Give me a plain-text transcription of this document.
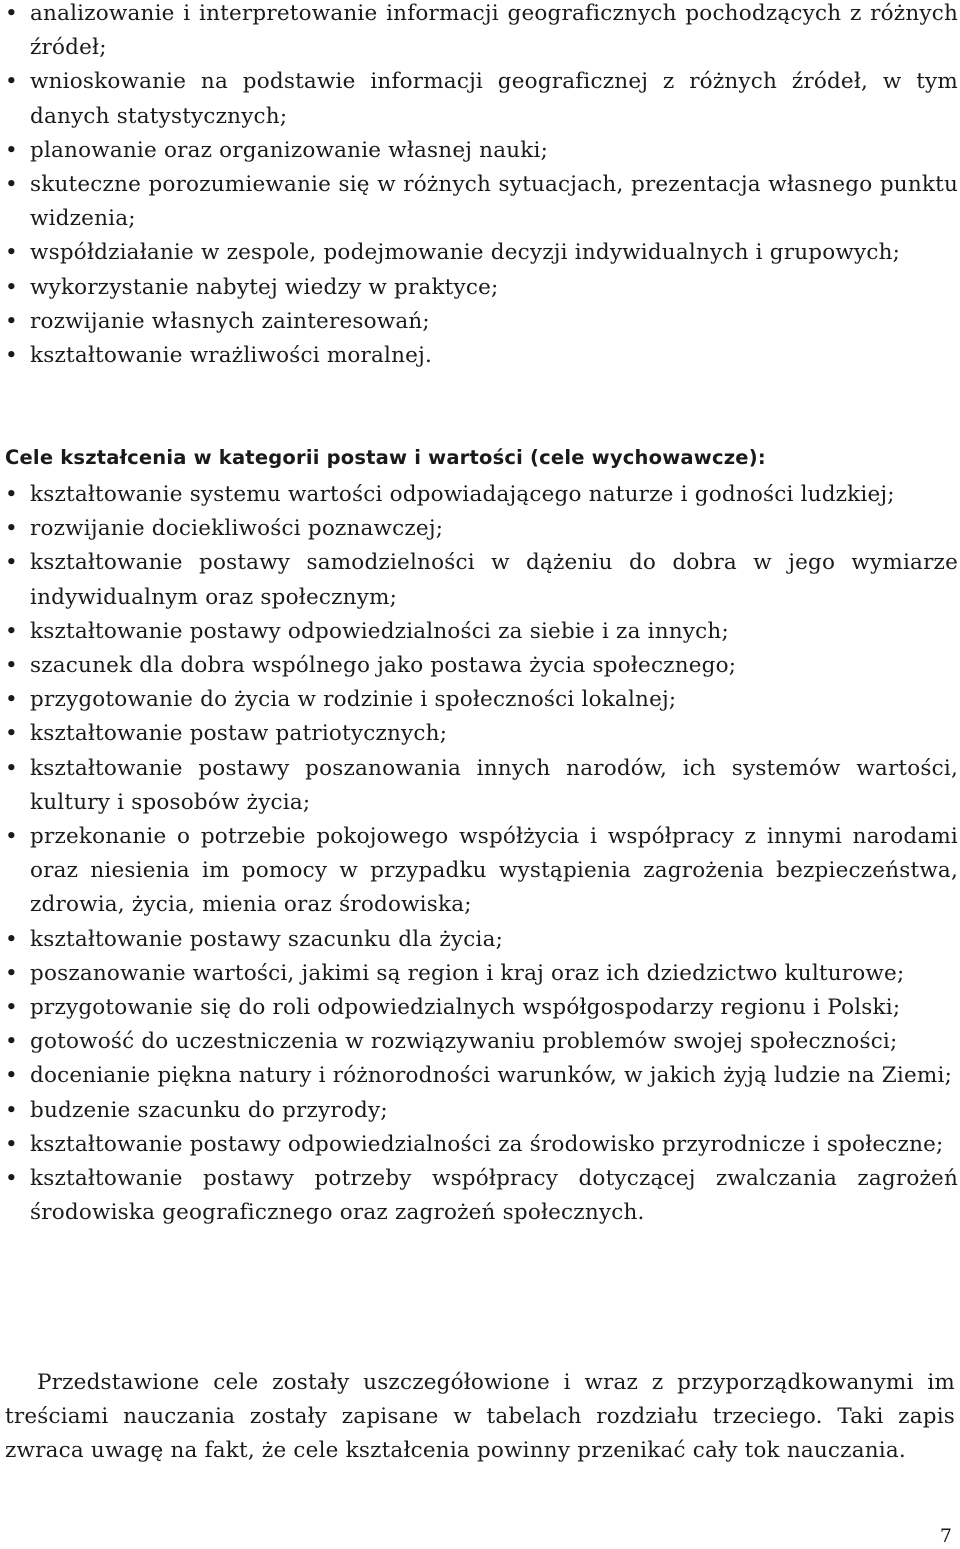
• analizowanie i interpretowanie informacji geograficznych pochodzących z różnych źródeł;
• wnioskowanie na podstawie informacji geograficznej z różnych źródeł, w tym danych statystycznych;
• planowanie oraz organizowanie własnej nauki;
• skuteczne porozumiewanie się w różnych sytuacjach, prezentacja własnego punktu widzenia;
• współdziałanie w zespole, podejmowanie decyzji indywidualnych i grupowych;
• wykorzystanie nabytej wiedzy w praktyce;
• rozwijanie własnych zainteresowań;
• kształtowanie wrażliwości moralnej.
Cele kształcenia w kategorii postaw i wartości (cele wychowawcze):
• kształtowanie systemu wartości odpowiadającego naturze i godności ludzkiej;
• rozwijanie dociekliwości poznawczej;
• kształtowanie postawy samodzielności w dążeniu do dobra w jego wymiarze indywidualnym oraz społecznym;
• kształtowanie postawy odpowiedzialności za siebie i za innych;
• szacunek dla dobra wspólnego jako postawa życia społecznego;
• przygotowanie do życia w rodzinie i społeczności lokalnej;
• kształtowanie postaw patriotycznych;
• kształtowanie postawy poszanowania innych narodów, ich systemów wartości, kultury i sposobów życia;
• przekonanie o potrzebie pokojowego współżycia i współpracy z innymi narodami oraz niesienia im pomocy w przypadku wystąpienia zagrożenia bezpieczeństwa, zdrowia, życia, mienia oraz środowiska;
• kształtowanie postawy szacunku dla życia;
• poszanowanie wartości, jakimi są region i kraj oraz ich dziedzictwo kulturowe;
• przygotowanie się do roli odpowiedzialnych współgospodarzy regionu i Polski;
• gotowość do uczestniczenia w rozwiązywaniu problemów swojej społeczności;
• docenianie piękna natury i różnorodności warunków, w jakich żyją ludzie na Ziemi;
• budzenie szacunku do przyrody;
• kształtowanie postawy odpowiedzialności za środowisko przyrodnicze i społeczne;
• kształtowanie postawy potrzeby współpracy dotyczącej zwalczania zagrożeń środowiska geograficznego oraz zagrożeń społecznych.

Przedstawione cele zostały uszczegółowione i wraz z przyporządkowanymi im treściami nauczania zostały zapisane w tabelach rozdziału trzeciego. Taki zapis zwraca uwagę na fakt, że cele kształcenia powinny przenikać cały tok nauczania.

7
